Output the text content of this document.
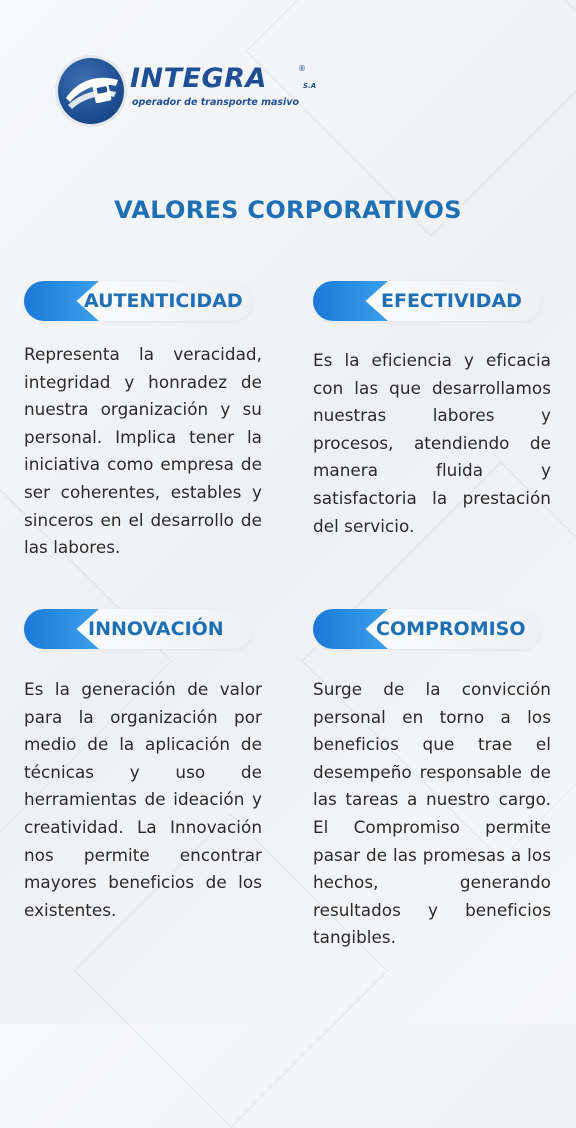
INTEGRA	®
S.A
operador de transporte masivo
VALORES CORPORATIVOS
AUTENTICIDAD
Representa la veracidad, integridad y honradez de nuestra organización y su personal. Implica tener la iniciativa como empresa de ser coherentes, estables y sinceros en el desarrollo de las labores.
EFECTIVIDAD
Es la eficiencia y eficacia con las que desarrollamos nuestras labores y procesos, atendiendo de manera fluida y satisfactoria la prestación del servicio.
INNOVACIÓN
Es la generación de valor para la organización por medio de la aplicación de técnicas y uso de herramientas de ideación y creatividad. La Innovación nos permite encontrar mayores beneficios de los existentes.
COMPROMISO
Surge de la convicción personal en torno a los beneficios que trae el desempeño responsable de las tareas a nuestro cargo. El Compromiso permite pasar de las promesas a los hechos, generando resultados y beneficios tangibles.
